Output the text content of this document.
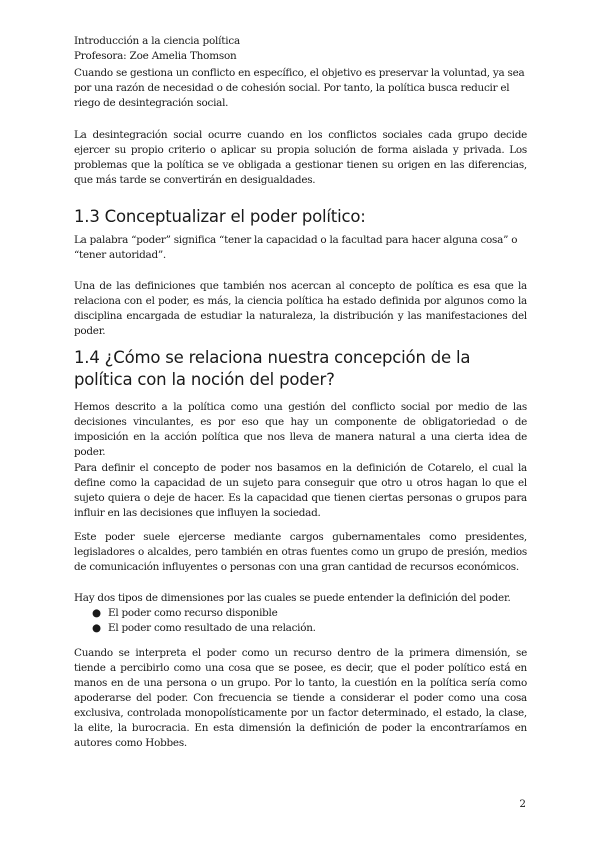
Introducción a la ciencia política
Profesora: Zoe Amelia Thomson

Cuando se gestiona un conflicto en específico, el objetivo es preservar la voluntad, ya sea por una razón de necesidad o de cohesión social. Por tanto, la política busca reducir el riego de desintegración social.

La desintegración social ocurre cuando en los conflictos sociales cada grupo decide ejercer su propio criterio o aplicar su propia solución de forma aislada y privada. Los problemas que la política se ve obligada a gestionar tienen su origen en las diferencias, que más tarde se convertirán en desigualdades.

1.3 Conceptualizar el poder político:

La palabra “poder” significa “tener la capacidad o la facultad para hacer alguna cosa” o “tener autoridad”.

Una de las definiciones que también nos acercan al concepto de política es esa que la relaciona con el poder, es más, la ciencia política ha estado definida por algunos como la disciplina encargada de estudiar la naturaleza, la distribución y las manifestaciones del poder.

1.4 ¿Cómo se relaciona nuestra concepción de la política con la noción del poder?

Hemos descrito a la política como una gestión del conflicto social por medio de las decisiones vinculantes, es por eso que hay un componente de obligatoriedad o de imposición en la acción política que nos lleva de manera natural a una cierta idea de poder.

Para definir el concepto de poder nos basamos en la definición de Cotarelo, el cual la define como la capacidad de un sujeto para conseguir que otro u otros hagan lo que el sujeto quiera o deje de hacer. Es la capacidad que tienen ciertas personas o grupos para influir en las decisiones que influyen la sociedad.

Este poder suele ejercerse mediante cargos gubernamentales como presidentes, legisladores o alcaldes, pero también en otras fuentes como un grupo de presión, medios de comunicación influyentes o personas con una gran cantidad de recursos económicos.

Hay dos tipos de dimensiones por las cuales se puede entender la definición del poder.

● El poder como recurso disponible
● El poder como resultado de una relación.

Cuando se interpreta el poder como un recurso dentro de la primera dimensión, se tiende a percibirlo como una cosa que se posee, es decir, que el poder político está en manos en de una persona o un grupo. Por lo tanto, la cuestión en la política sería como apoderarse del poder. Con frecuencia se tiende a considerar el poder como una cosa exclusiva, controlada monopolísticamente por un factor determinado, el estado, la clase, la elite, la burocracia. En esta dimensión la definición de poder la encontraríamos en autores como Hobbes.

2
